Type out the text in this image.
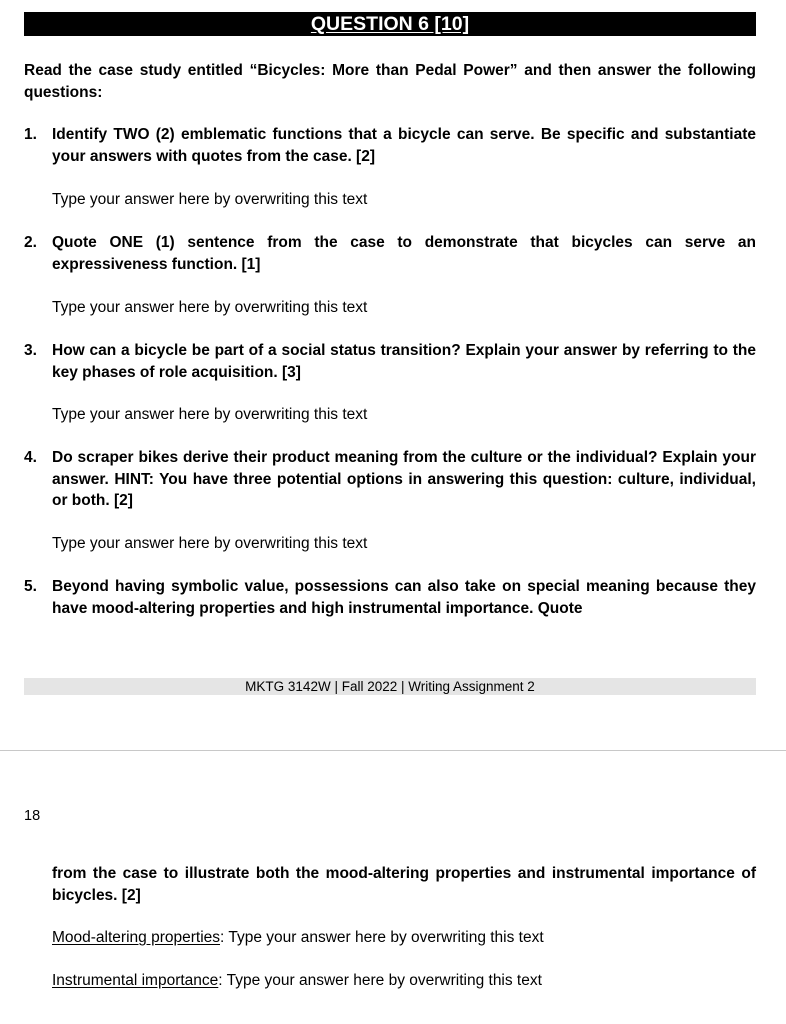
QUESTION 6 [10]
Read the case study entitled “Bicycles: More than Pedal Power” and then answer the following questions:
1. Identify TWO (2) emblematic functions that a bicycle can serve. Be specific and substantiate your answers with quotes from the case. [2]
Type your answer here by overwriting this text
2. Quote ONE (1) sentence from the case to demonstrate that bicycles can serve an expressiveness function. [1]
Type your answer here by overwriting this text
3. How can a bicycle be part of a social status transition? Explain your answer by referring to the key phases of role acquisition. [3]
Type your answer here by overwriting this text
4. Do scraper bikes derive their product meaning from the culture or the individual? Explain your answer. HINT: You have three potential options in answering this question: culture, individual, or both. [2]
Type your answer here by overwriting this text
5. Beyond having symbolic value, possessions can also take on special meaning because they have mood-altering properties and high instrumental importance. Quote
MKTG 3142W | Fall 2022 | Writing Assignment 2
18
from the case to illustrate both the mood-altering properties and instrumental importance of bicycles. [2]
Mood-altering properties: Type your answer here by overwriting this text
Instrumental importance: Type your answer here by overwriting this text
